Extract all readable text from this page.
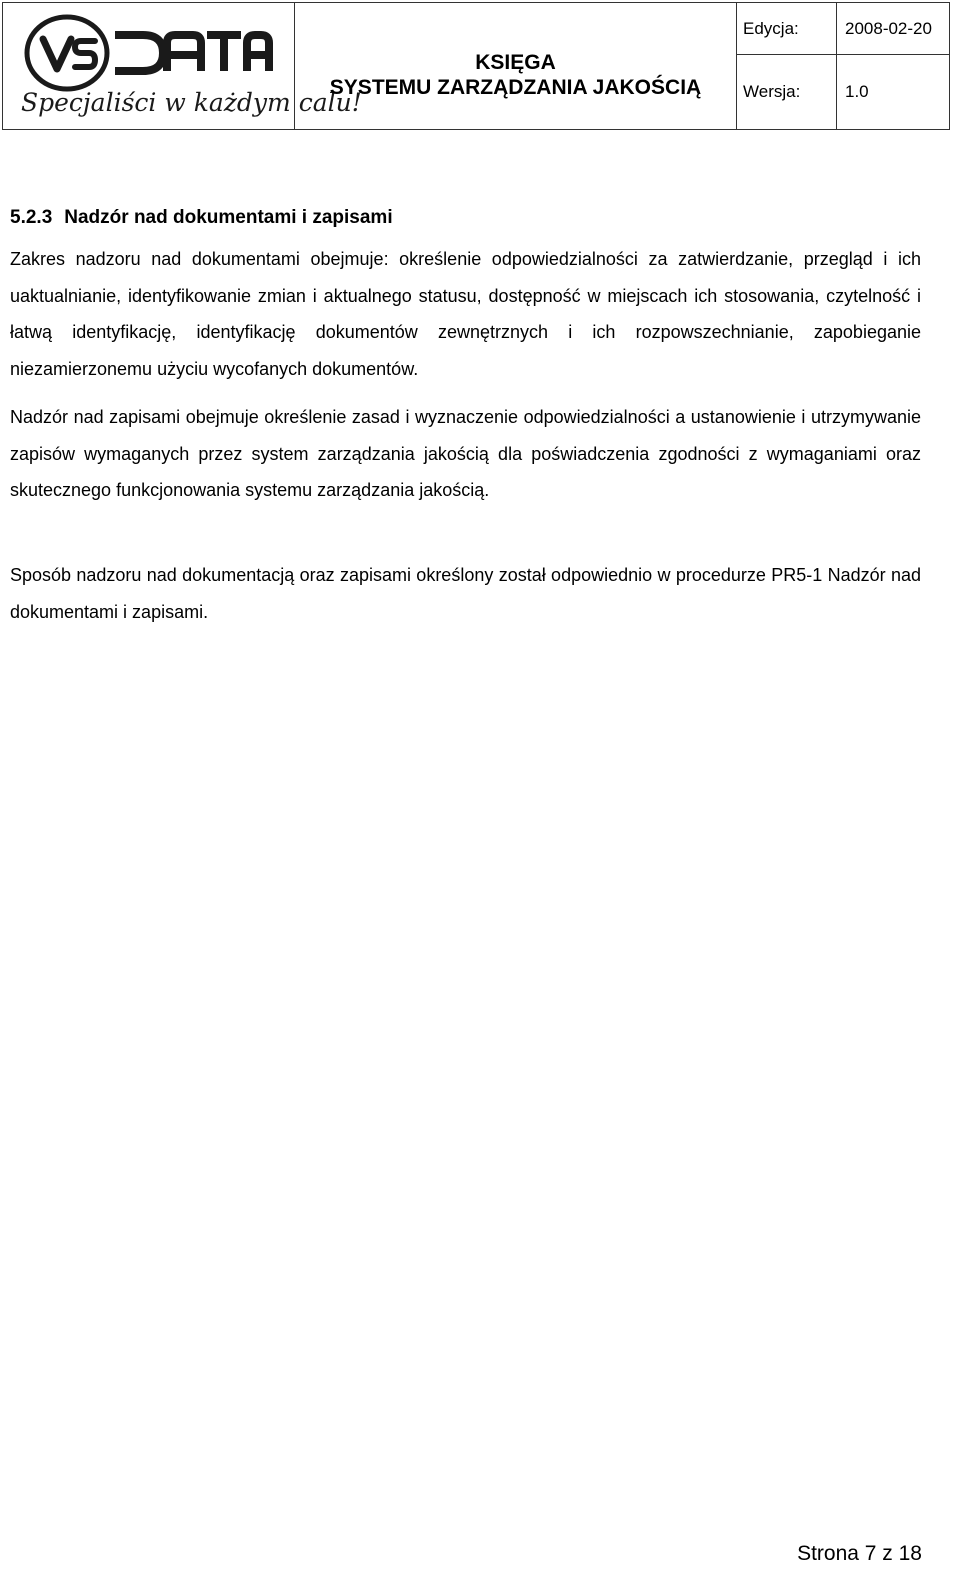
Specjaliści w każdym calu!
KSIĘGA
SYSTEMU ZARZĄDZANIA JAKOŚCIĄ
Edycja:	2008-02-20
Wersja:	1.0
5.2.3 Nadzór nad dokumentami i zapisami

Zakres nadzoru nad dokumentami obejmuje: określenie odpowiedzialności za zatwierdzanie, przegląd i ich uaktualnianie, identyfikowanie zmian i aktualnego statusu, dostępność w miejscach ich stosowania, czytelność i łatwą identyfikację, identyfikację dokumentów zewnętrznych i ich rozpowszechnianie, zapobieganie niezamierzonemu użyciu wycofanych dokumentów.

Nadzór nad zapisami obejmuje określenie zasad i wyznaczenie odpowiedzialności a ustanowienie i utrzymywanie zapisów wymaganych przez system zarządzania jakością dla poświadczenia zgodności z wymaganiami oraz skutecznego funkcjonowania systemu zarządzania jakością.

Sposób nadzoru nad dokumentacją oraz zapisami określony został odpowiednio w procedurze PR5-1 Nadzór nad dokumentami i zapisami.

Strona 7 z 18
